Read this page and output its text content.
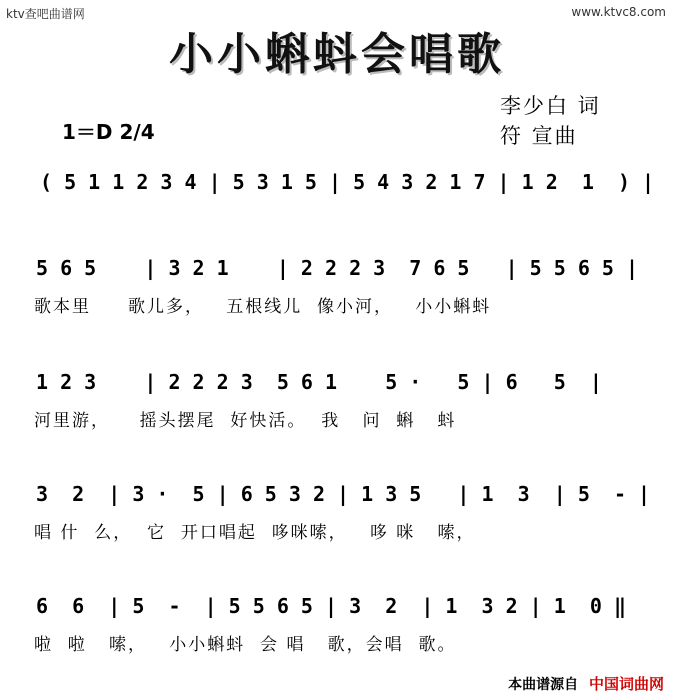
ktv查吧曲谱网	www.ktvc8.com
小小蝌蚪会唱歌
1＝D 2/4
李少白 词
符 宣曲
( 5 1 1 2 3 4 | 5 3 1 5 | 5 4 3 2 1 7 | 1 2  1  ) |
5 6 5    | 3 2 1    | 2 2 2 3  7 6 5   | 5 5 6 5 |
歌本里     歌儿多，   五根线儿  像小河，   小小蝌蚪
1 2 3    | 2 2 2 3  5 6 1    5 ·   5 | 6   5  |
河里游，    摇头摆尾  好快活。  我   问  蝌   蚪
3  2  | 3 ·  5 | 6 5 3 2 | 1 3 5   | 1  3  | 5  - |
唱 什  么，  它  开口唱起  哆咪嗦，   哆 咪   嗦，
6  6  | 5  -  | 5 5 6 5 | 3  2  | 1  3 2 | 1  0 ‖
啦  啦   嗦，   小小蝌蚪  会 唱   歌，会唱  歌。
本曲谱源自 中国词曲网
